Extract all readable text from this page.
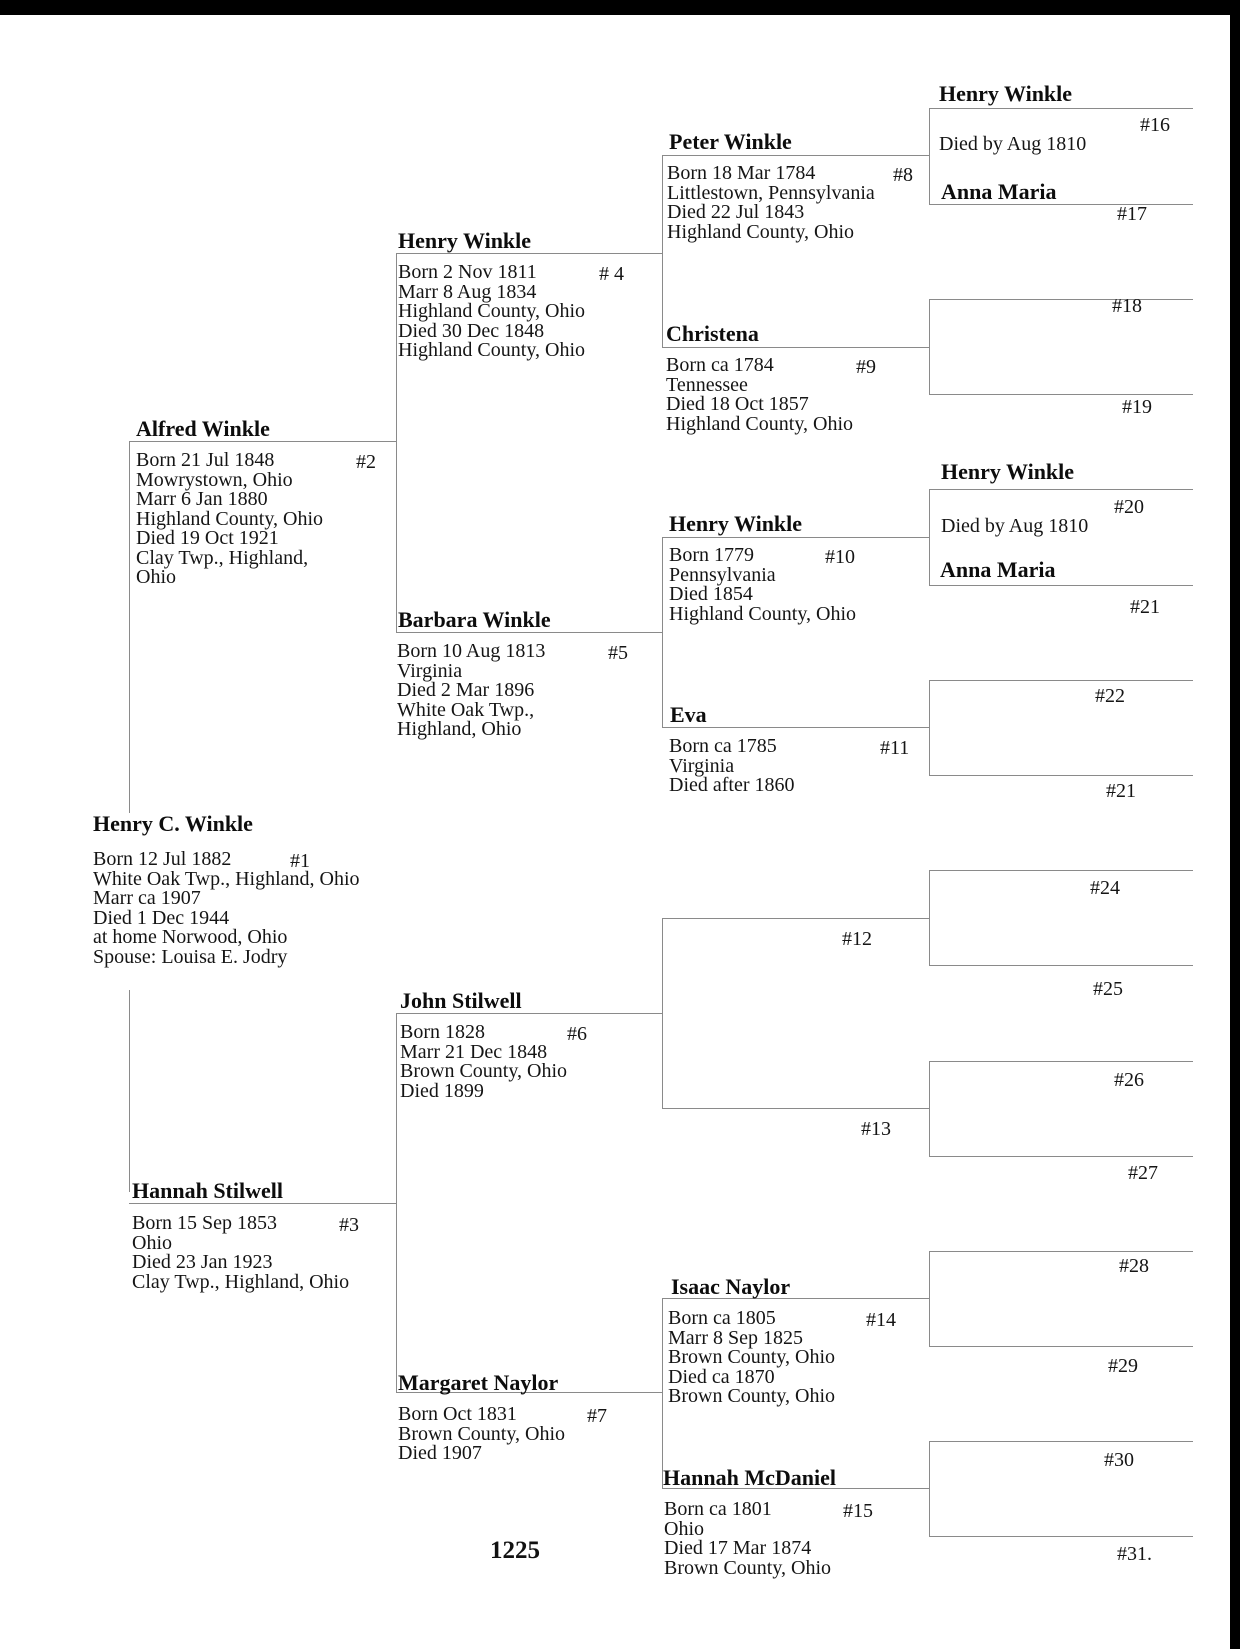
Henry C. Winkle
Born 12 Jul 1882
White Oak Twp., Highland, Ohio
Marr ca 1907
Died 1 Dec 1944
at home Norwood, Ohio
Spouse: Louisa E. Jodry
#1
Alfred Winkle
Born 21 Jul 1848
Mowrystown, Ohio
Marr 6 Jan 1880
Highland County, Ohio
Died 19 Oct 1921
Clay Twp., Highland,
Ohio
#2
Hannah Stilwell
Born 15 Sep 1853
Ohio
Died 23 Jan 1923
Clay Twp., Highland, Ohio
#3
Henry Winkle
Born 2 Nov 1811
Marr 8 Aug 1834
Highland County, Ohio
Died 30 Dec 1848
Highland County, Ohio
# 4
Barbara Winkle
Born 10 Aug 1813
Virginia
Died 2 Mar 1896
White Oak Twp.,
Highland, Ohio
#5
John Stilwell
Born 1828
Marr 21 Dec 1848
Brown County, Ohio
Died 1899
#6
Margaret Naylor
Born Oct 1831
Brown County, Ohio
Died 1907
#7
Peter Winkle
Born 18 Mar 1784
Littlestown, Pennsylvania
Died 22 Jul 1843
Highland County, Ohio
#8
Christena
Born ca 1784
Tennessee
Died 18 Oct 1857
Highland County, Ohio
#9
Henry Winkle
Born 1779
Pennsylvania
Died 1854
Highland County, Ohio
#10
Eva
Born ca 1785
Virginia
Died after 1860
#11
#12
#13
Isaac Naylor
Born ca 1805
Marr 8 Sep 1825
Brown County, Ohio
Died ca 1870
Brown County, Ohio
#14
Hannah McDaniel
Born ca 1801
Ohio
Died 17 Mar 1874
Brown County, Ohio
#15
Henry Winkle
#16
Died by Aug 1810
Anna Maria
#17
#18
#19
Henry Winkle
#20
Died by Aug 1810
Anna Maria
#21
#22
#21
#24
#25
#26
#27
#28
#29
#30
#31.
1225
